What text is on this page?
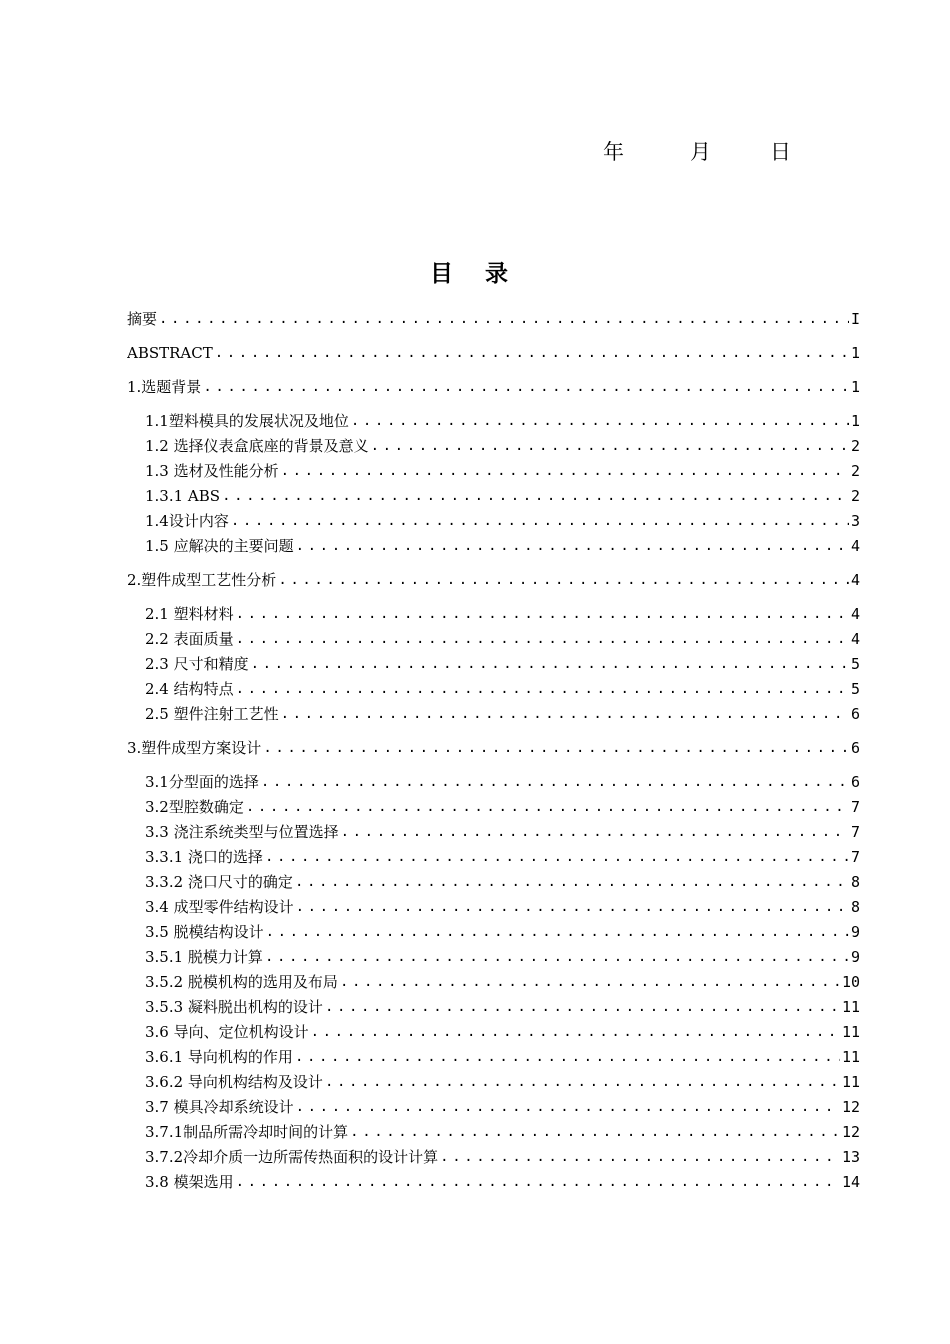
年	月	日
目 录
摘要 .....	I
ABSTRACT .....	1
1.选题背景 .....	1
1.1塑料模具的发展状况及地位 .....	1
1.2 选择仪表盒底座的背景及意义 .....	2
1.3 选材及性能分析 .....	2
1.3.1 ABS .....	2
1.4设计内容 .....	3
1.5 应解决的主要问题 .....	4
2.塑件成型工艺性分析 .....	4
2.1 塑料材料 .....	4
2.2 表面质量 .....	4
2.3 尺寸和精度 .....	5
2.4 结构特点 .....	5
2.5 塑件注射工艺性 .....	6
3.塑件成型方案设计 .....	6
3.1分型面的选择 .....	6
3.2型腔数确定 .....	7
3.3 浇注系统类型与位置选择 .....	7
3.3.1 浇口的选择 .....	7
3.3.2 浇口尺寸的确定 .....	8
3.4 成型零件结构设计 .....	8
3.5 脱模结构设计 .....	9
3.5.1 脱模力计算 .....	9
3.5.2 脱模机构的选用及布局 .....	10
3.5.3 凝料脱出机构的设计 .....	11
3.6 导向、定位机构设计 .....	11
3.6.1 导向机构的作用 .....	11
3.6.2 导向机构结构及设计 .....	11
3.7 模具冷却系统设计 .....	12
3.7.1制品所需冷却时间的计算 .....	12
3.7.2冷却介质一边所需传热面积的设计计算 .....	13
3.8 模架选用 .....	14
